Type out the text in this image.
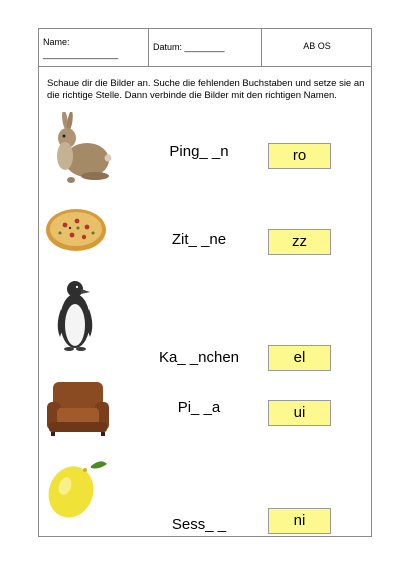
Name:
_______________
Datum: ________	AB OS

Schaue dir die Bilder an. Suche die fehlenden Buchstaben und setze sie an die richtige Stelle. Dann verbinde die Bilder mit den richtigen Namen.

Ping_ _n	ro
Zit_ _ne	zz
Ka_ _nchen	el
Pi_ _a	ui
Sess_ _	ni
